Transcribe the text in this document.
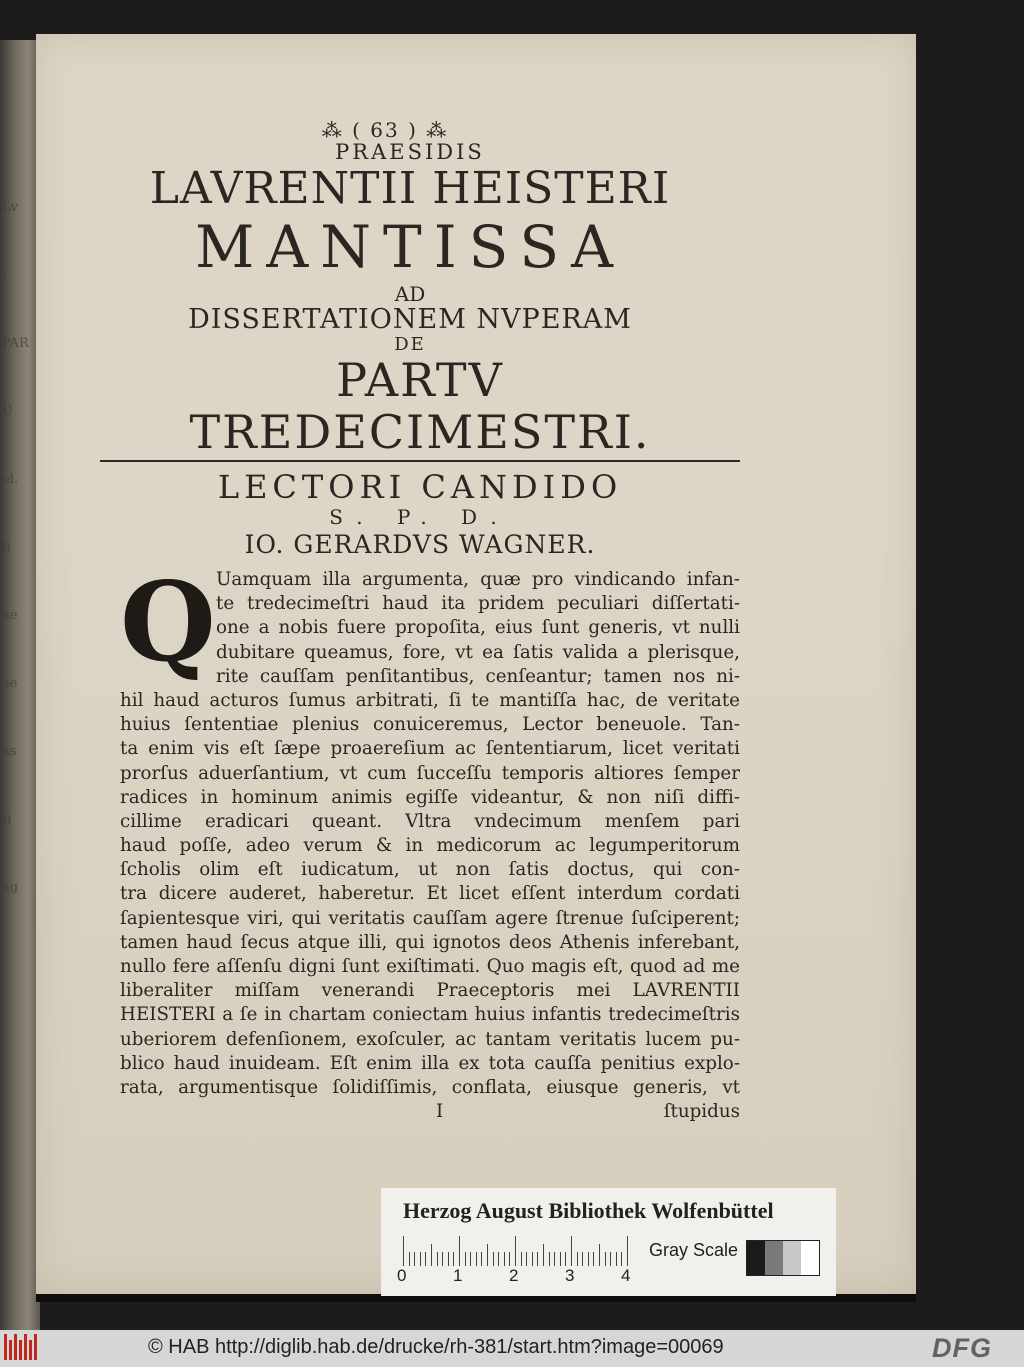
Lv
|
PAR
U
ol.
fi
ae
ae
as
ti
ag
⁂ ( 63 ) ⁂
PRAESIDIS
LAVRENTII HEISTERI
MANTISSA
AD
DISSERTATIONEM NVPERAM
DE
PARTV TREDECIMESTRI.
LECTORI CANDIDO
S. P. D.
IO. GERARDVS WAGNER.
Q Uamquam illa argumenta, quæ pro vindicando infan-
te tredecimeſtri haud ita pridem peculiari diſſertati-
one a nobis fuere propoſita, eius ſunt generis, vt nulli
dubitare queamus, fore, vt ea ſatis valida a plerisque,
rite cauſſam penſitantibus, cenſeantur; tamen nos ni-
hil haud acturos ſumus arbitrati, ſi te mantiſſa hac, de veritate
huius ſententiae plenius conuiceremus, Lector beneuole. Tan-
ta enim vis eſt ſæpe proaereſium ac ſententiarum, licet veritati
prorſus aduerſantium, vt cum ſucceſſu temporis altiores ſemper
radices in hominum animis egiſſe videantur, & non niſi diffi-
cillime eradicari queant. Vltra vndecimum menſem pari
haud poſſe, adeo verum & in medicorum ac legumperitorum
ſcholis olim eſt iudicatum, ut non ſatis doctus, qui con-
tra dicere auderet, haberetur. Et licet eſſent interdum cordati
ſapientesque viri, qui veritatis cauſſam agere ſtrenue ſuſciperent;
tamen haud ſecus atque illi, qui ignotos deos Athenis inferebant,
nullo fere aſſenſu digni ſunt exiſtimati. Quo magis eſt, quod ad me
liberaliter miſſam venerandi Praeceptoris mei LAVRENTII
HEISTERI a ſe in chartam coniectam huius infantis tredecimeſtris
uberiorem defenſionem, exoſculer, ac tantam veritatis lucem pu-
blico haud inuideam. Eſt enim illa ex tota cauſſa penitius explo-
rata, argumentisque ſolidiſſimis, conflata, eiusque generis, vt
I	ſtupidus
Herzog August Bibliothek Wolfenbüttel
0	1	2	3	4
Gray Scale
© HAB http://diglib.hab.de/drucke/rh-381/start.htm?image=00069	DFG
